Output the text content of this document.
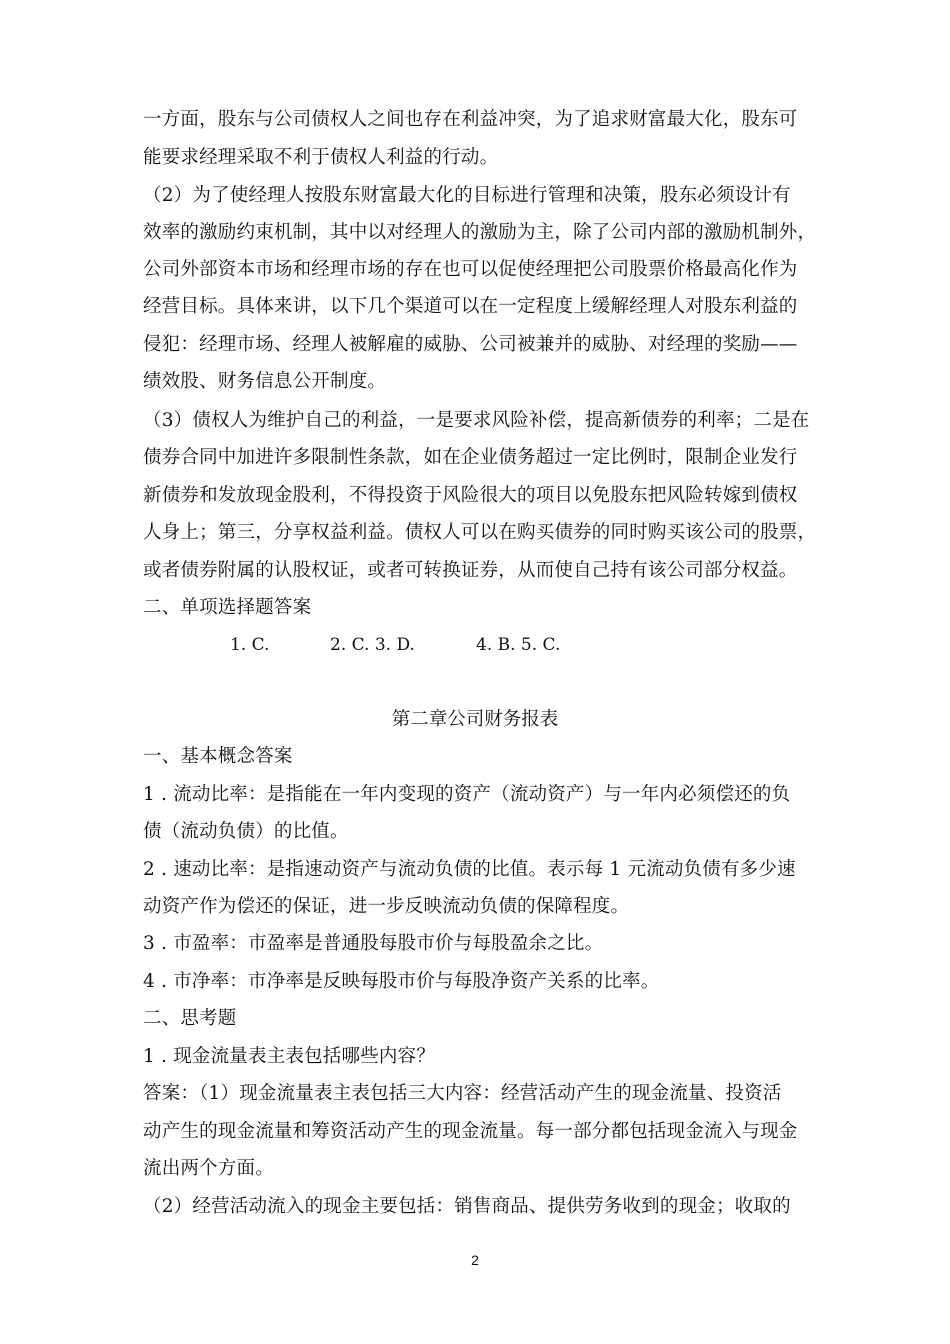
一方面，股东与公司债权人之间也存在利益冲突，为了追求财富最大化，股东可
能要求经理采取不利于债权人利益的行动。
（2）为了使经理人按股东财富最大化的目标进行管理和决策，股东必须设计有
效率的激励约束机制，其中以对经理人的激励为主，除了公司内部的激励机制外，
公司外部资本市场和经理市场的存在也可以促使经理把公司股票价格最高化作为
经营目标。具体来讲，以下几个渠道可以在一定程度上缓解经理人对股东利益的
侵犯：经理市场、经理人被解雇的威胁、公司被兼并的威胁、对经理的奖励——
绩效股、财务信息公开制度。
（3）债权人为维护自己的利益，一是要求风险补偿，提高新债券的利率；二是在
债券合同中加进许多限制性条款，如在企业债务超过一定比例时，限制企业发行
新债券和发放现金股利，不得投资于风险很大的项目以免股东把风险转嫁到债权
人身上；第三，分享权益利益。债权人可以在购买债券的同时购买该公司的股票，
或者债券附属的认股权证，或者可转换证券，从而使自己持有该公司部分权益。
二、单项选择题答案
1. C.	2. C. 3. D.	4. B. 5. C.
第二章公司财务报表
一、基本概念答案
1 . 流动比率：是指能在一年内变现的资产（流动资产）与一年内必须偿还的负
债（流动负债）的比值。
2 . 速动比率：是指速动资产与流动负债的比值。表示每 1 元流动负债有多少速
动资产作为偿还的保证，进一步反映流动负债的保障程度。
3 . 市盈率：市盈率是普通股每股市价与每股盈余之比。
4 . 市净率：市净率是反映每股市价与每股净资产关系的比率。
二、思考题
1 . 现金流量表主表包括哪些内容？
答案：（1）现金流量表主表包括三大内容：经营活动产生的现金流量、投资活
动产生的现金流量和筹资活动产生的现金流量。每一部分都包括现金流入与现金
流出两个方面。
（2）经营活动流入的现金主要包括：销售商品、提供劳务收到的现金；收取的
2
